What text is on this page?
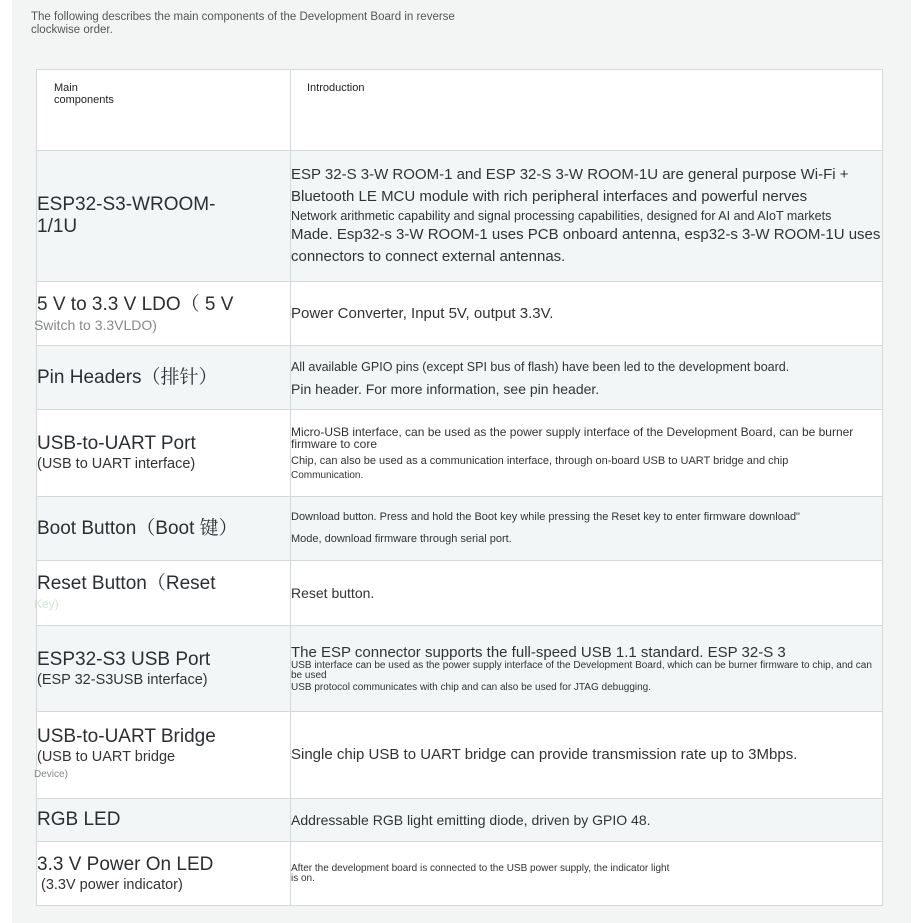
The following describes the main components of the Development Board in reverse clockwise order.
Main components	Introduction

ESP32-S3-WROOM-1/1U	ESP 32-S 3-W ROOM-1 and ESP 32-S 3-W ROOM-1U are general purpose Wi-Fi + Bluetooth LE MCU module with rich peripheral interfaces and powerful nerves
Network arithmetic capability and signal processing capabilities, designed for AI and AIoT markets
Made. Esp32-s 3-W ROOM-1 uses PCB onboard antenna, esp32-s 3-W ROOM-1U uses connectors to connect external antennas.

5 V to 3.3 V LDO（ 5 V
Switch to 3.3VLDO)	Power Converter, Input 5V, output 3.3V.

Pin Headers（排针）	All available GPIO pins (except SPI bus of flash) have been led to the development board.
Pin header. For more information, see pin header.

USB-to-UART Port
(USB to UART interface)	Micro-USB interface, can be used as the power supply interface of the Development Board, can be burner firmware to core
Chip, can also be used as a communication interface, through on-board USB to UART bridge and chip
Communication.

Boot Button（Boot 键）	Download button. Press and hold the Boot key while pressing the Reset key to enter firmware download"
Mode, download firmware through serial port.

Reset Button（Reset
Key)	Reset button.

ESP32-S3 USB Port
(ESP 32-S3USB interface)	The ESP connector supports the full-speed USB 1.1 standard. ESP 32-S 3
USB interface can be used as the power supply interface of the Development Board, which can be burner firmware to chip, and can be used
USB protocol communicates with chip and can also be used for JTAG debugging.

USB-to-UART Bridge
(USB to UART bridge
Device)	Single chip USB to UART bridge can provide transmission rate up to 3Mbps.

RGB LED	Addressable RGB light emitting diode, driven by GPIO 48.

3.3 V Power On LED
(3.3V power indicator)	After the development board is connected to the USB power supply, the indicator light is on.
